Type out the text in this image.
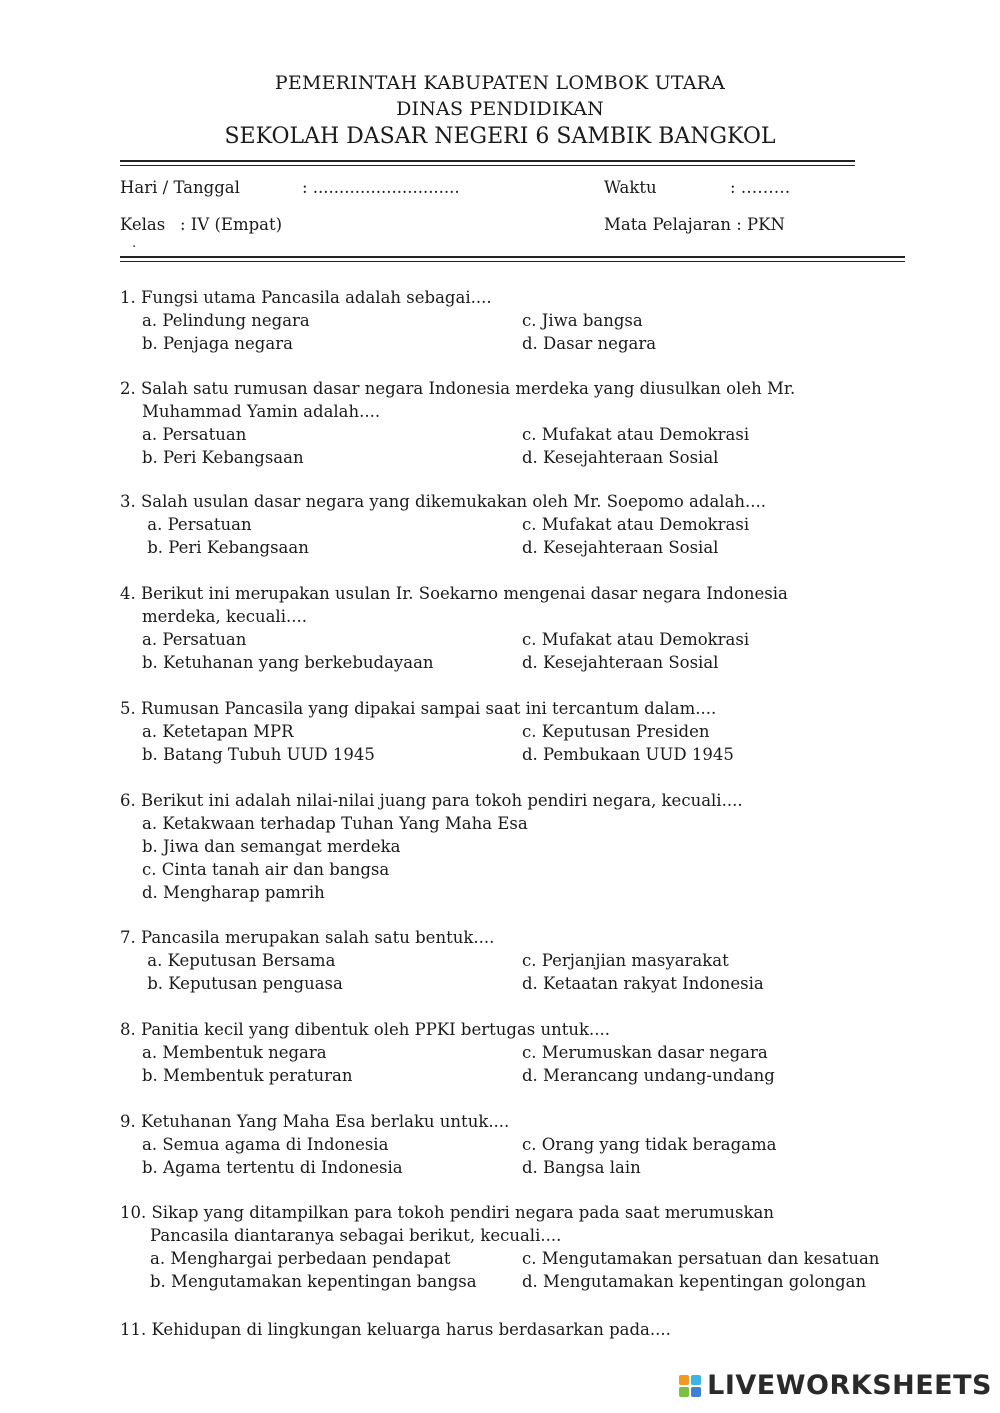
PEMERINTAH KABUPATEN LOMBOK UTARA
DINAS PENDIDIKAN
SEKOLAH DASAR NEGERI 6 SAMBIK BANGKOL
Hari / Tanggal	: ............................	Waktu	: ………
Kelas : IV (Empat)	Mata Pelajaran : PKN
.
1. Fungsi utama Pancasila adalah sebagai....
a. Pelindung negara	c. Jiwa bangsa
b. Penjaga negara	d. Dasar negara
2. Salah satu rumusan dasar negara Indonesia merdeka yang diusulkan oleh Mr. Muhammad Yamin adalah....
a. Persatuan	c. Mufakat atau Demokrasi
b. Peri Kebangsaan	d. Kesejahteraan Sosial
3. Salah usulan dasar negara yang dikemukakan oleh Mr. Soepomo adalah....
a. Persatuan	c. Mufakat atau Demokrasi
b. Peri Kebangsaan	d. Kesejahteraan Sosial
4. Berikut ini merupakan usulan Ir. Soekarno mengenai dasar negara Indonesia merdeka, kecuali....
a. Persatuan	c. Mufakat atau Demokrasi
b. Ketuhanan yang berkebudayaan	d. Kesejahteraan Sosial
5. Rumusan Pancasila yang dipakai sampai saat ini tercantum dalam....
a. Ketetapan MPR	c. Keputusan Presiden
b. Batang Tubuh UUD 1945	d. Pembukaan UUD 1945
6. Berikut ini adalah nilai-nilai juang para tokoh pendiri negara, kecuali....
a. Ketakwaan terhadap Tuhan Yang Maha Esa
b. Jiwa dan semangat merdeka
c. Cinta tanah air dan bangsa
d. Mengharap pamrih
7. Pancasila merupakan salah satu bentuk....
a. Keputusan Bersama	c. Perjanjian masyarakat
b. Keputusan penguasa	d. Ketaatan rakyat Indonesia
8. Panitia kecil yang dibentuk oleh PPKI bertugas untuk....
a. Membentuk negara	c. Merumuskan dasar negara
b. Membentuk peraturan	d. Merancang undang-undang
9. Ketuhanan Yang Maha Esa berlaku untuk....
a. Semua agama di Indonesia	c. Orang yang tidak beragama
b. Agama tertentu di Indonesia	d. Bangsa lain
10. Sikap yang ditampilkan para tokoh pendiri negara pada saat merumuskan Pancasila diantaranya sebagai berikut, kecuali....
a. Menghargai perbedaan pendapat	c. Mengutamakan persatuan dan kesatuan
b. Mengutamakan kepentingan bangsa	d. Mengutamakan kepentingan golongan
11. Kehidupan di lingkungan keluarga harus berdasarkan pada....
LIVEWORKSHEETS
